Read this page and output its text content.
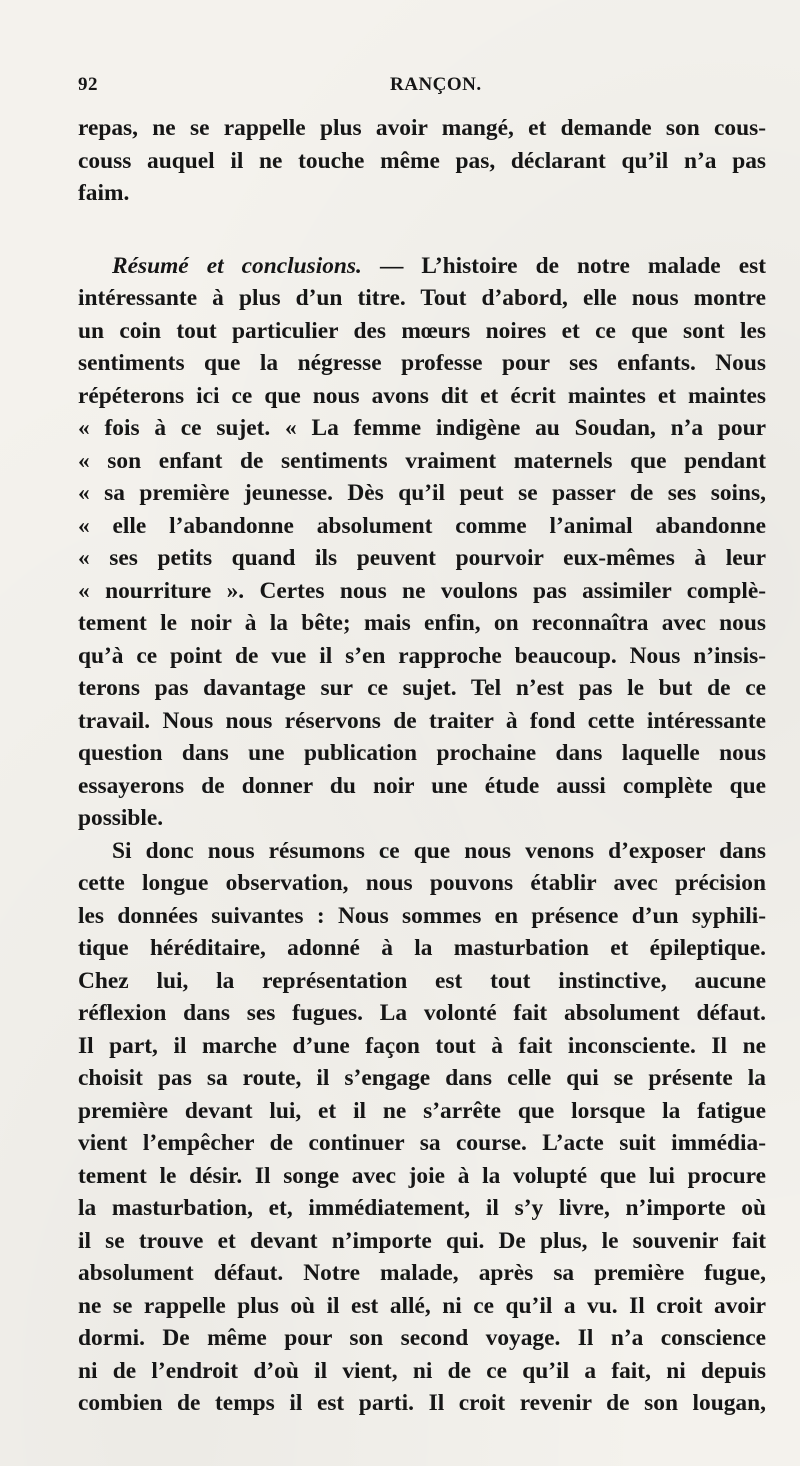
92	RANÇON.
repas, ne se rappelle plus avoir mangé, et demande son cous-
couss auquel il ne touche même pas, déclarant qu’il n’a pas
faim.
Résumé et conclusions. — L’histoire de notre malade est
intéressante à plus d’un titre. Tout d’abord, elle nous montre
un coin tout particulier des mœurs noires et ce que sont les
sentiments que la négresse professe pour ses enfants. Nous
répéterons ici ce que nous avons dit et écrit maintes et maintes
« fois à ce sujet. « La femme indigène au Soudan, n’a pour
« son enfant de sentiments vraiment maternels que pendant
« sa première jeunesse. Dès qu’il peut se passer de ses soins,
« elle l’abandonne absolument comme l’animal abandonne
« ses petits quand ils peuvent pourvoir eux-mêmes à leur
« nourriture ». Certes nous ne voulons pas assimiler complè-
tement le noir à la bête; mais enfin, on reconnaîtra avec nous
qu’à ce point de vue il s’en rapproche beaucoup. Nous n’insis-
terons pas davantage sur ce sujet. Tel n’est pas le but de ce
travail. Nous nous réservons de traiter à fond cette intéressante
question dans une publication prochaine dans laquelle nous
essayerons de donner du noir une étude aussi complète que
possible.
Si donc nous résumons ce que nous venons d’exposer dans
cette longue observation, nous pouvons établir avec précision
les données suivantes : Nous sommes en présence d’un syphili-
tique héréditaire, adonné à la masturbation et épileptique.
Chez lui, la représentation est tout instinctive, aucune
réflexion dans ses fugues. La volonté fait absolument défaut.
Il part, il marche d’une façon tout à fait inconsciente. Il ne
choisit pas sa route, il s’engage dans celle qui se présente la
première devant lui, et il ne s’arrête que lorsque la fatigue
vient l’empêcher de continuer sa course. L’acte suit immédia-
tement le désir. Il songe avec joie à la volupté que lui procure
la masturbation, et, immédiatement, il s’y livre, n’importe où
il se trouve et devant n’importe qui. De plus, le souvenir fait
absolument défaut. Notre malade, après sa première fugue,
ne se rappelle plus où il est allé, ni ce qu’il a vu. Il croit avoir
dormi. De même pour son second voyage. Il n’a conscience
ni de l’endroit d’où il vient, ni de ce qu’il a fait, ni depuis
combien de temps il est parti. Il croit revenir de son lougan,
